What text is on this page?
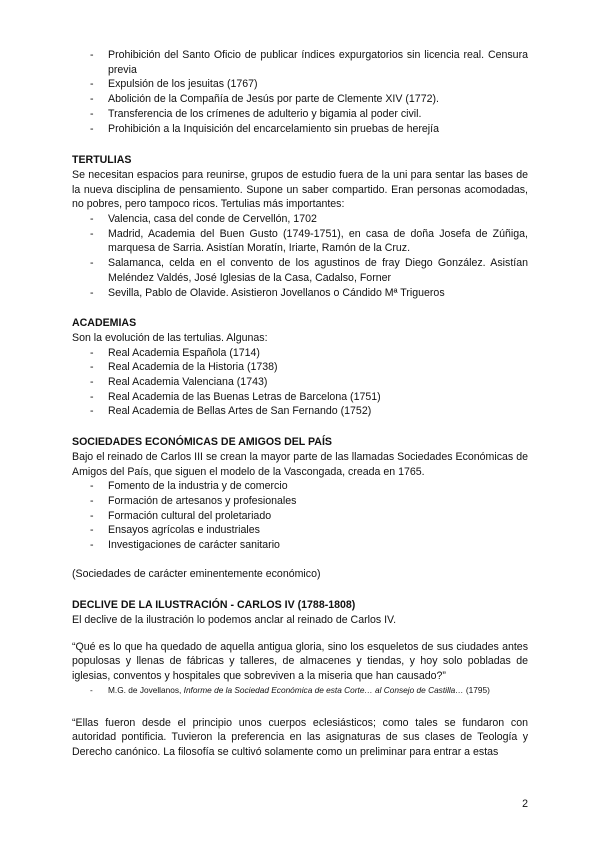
- Prohibición del Santo Oficio de publicar índices expurgatorios sin licencia real. Censura previa
- Expulsión de los jesuitas (1767)
- Abolición de la Compañía de Jesús por parte de Clemente XIV (1772).
- Transferencia de los crímenes de adulterio y bigamia al poder civil.
- Prohibición a la Inquisición del encarcelamiento sin pruebas de herejía
TERTULIAS

Se necesitan espacios para reunirse, grupos de estudio fuera de la uni para sentar las bases de la nueva disciplina de pensamiento. Supone un saber compartido. Eran personas acomodadas, no pobres, pero tampoco ricos. Tertulias más importantes:

- Valencia, casa del conde de Cervellón, 1702
- Madrid, Academia del Buen Gusto (1749-1751), en casa de doña Josefa de Zúñiga, marquesa de Sarria. Asistían Moratín, Iriarte, Ramón de la Cruz.
- Salamanca, celda en el convento de los agustinos de fray Diego González. Asistían Meléndez Valdés, José Iglesias de la Casa, Cadalso, Forner
- Sevilla, Pablo de Olavide. Asistieron Jovellanos o Cándido Mª Trigueros
ACADEMIAS

Son la evolución de las tertulias. Algunas:

- Real Academia Española (1714)
- Real Academia de la Historia (1738)
- Real Academia Valenciana (1743)
- Real Academia de las Buenas Letras de Barcelona (1751)
- Real Academia de Bellas Artes de San Fernando (1752)
SOCIEDADES ECONÓMICAS DE AMIGOS DEL PAÍS

Bajo el reinado de Carlos III se crean la mayor parte de las llamadas Sociedades Económicas de Amigos del País, que siguen el modelo de la Vascongada, creada en 1765.

- Fomento de la industria y de comercio
- Formación de artesanos y profesionales
- Formación cultural del proletariado
- Ensayos agrícolas e industriales
- Investigaciones de carácter sanitario

(Sociedades de carácter eminentemente económico)

DECLIVE DE LA ILUSTRACIÓN - CARLOS IV (1788-1808)

El declive de la ilustración lo podemos anclar al reinado de Carlos IV.

“Qué es lo que ha quedado de aquella antigua gloria, sino los esqueletos de sus ciudades antes populosas y llenas de fábricas y talleres, de almacenes y tiendas, y hoy solo pobladas de iglesias, conventos y hospitales que sobreviven a la miseria que han causado?”

- M.G. de Jovellanos, Informe de la Sociedad Económica de esta Corte… al Consejo de Castilla… (1795)

“Ellas fueron desde el principio unos cuerpos eclesiásticos; como tales se fundaron con autoridad pontificia. Tuvieron la preferencia en las asignaturas de sus clases de Teología y Derecho canónico. La filosofía se cultivó solamente como un preliminar para entrar a estas

2
